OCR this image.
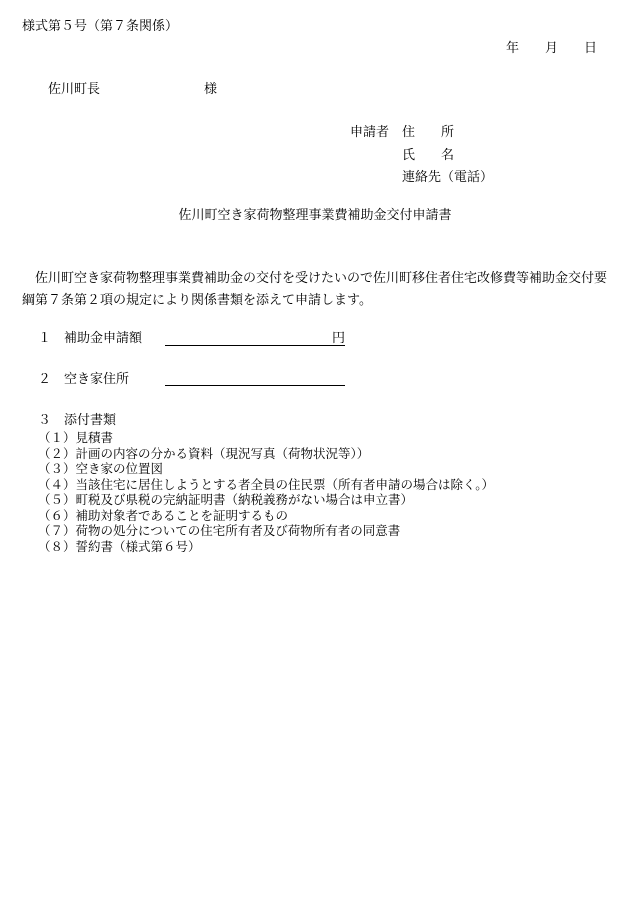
様式第５号（第７条関係）
年 月 日
佐川町長	様
申請者 住所
氏名
連絡先（電話）
佐川町空き家荷物整理事業費補助金交付申請書

佐川町空き家荷物整理事業費補助金の交付を受けたいので佐川町移住者住宅改修費等補助金交付要

綱第７条第２項の規定により関係書類を添えて申請します。

１　補助金申請額	円
２　空き家住所
３　添付書類
（１）見積書
（２）計画の内容の分かる資料（現況写真（荷物状況等））
（３）空き家の位置図
（４）当該住宅に居住しようとする者全員の住民票（所有者申請の場合は除く。）
（５）町税及び県税の完納証明書（納税義務がない場合は申立書）
（６）補助対象者であることを証明するもの
（７）荷物の処分についての住宅所有者及び荷物所有者の同意書
（８）誓約書（様式第６号）
